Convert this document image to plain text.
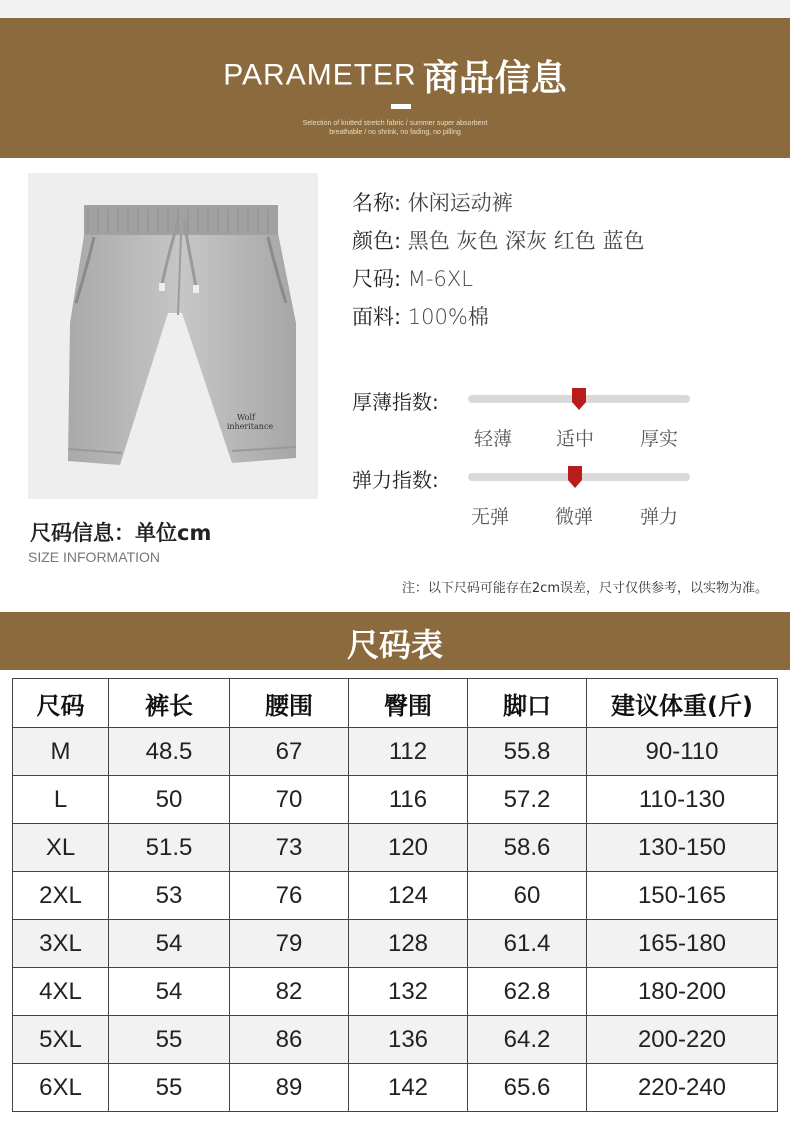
PARAMETER 商品信息
Selection of knitted stretch fabric / summer super absorbent
breathable / no shrink, no fading, no pilling
Wolf
inheritance
名称: 休闲运动裤
颜色: 黑色 灰色 深灰 红色 蓝色
尺码: M-6XL
面料: 100%棉
厚薄指数:
轻薄 适中 厚实
弹力指数:
无弹 微弹 弹力
尺码信息：单位cm
SIZE INFORMATION
注：以下尺码可能存在2cm误差，尺寸仅供参考，以实物为准。
尺码表
尺码	裤长	腰围	臀围	脚口	建议体重(斤)
M	48.5	67	112	55.8	90-110
L	50	70	116	57.2	110-130
XL	51.5	73	120	58.6	130-150
2XL	53	76	124	60	150-165
3XL	54	79	128	61.4	165-180
4XL	54	82	132	62.8	180-200
5XL	55	86	136	64.2	200-220
6XL	55	89	142	65.6	220-240
